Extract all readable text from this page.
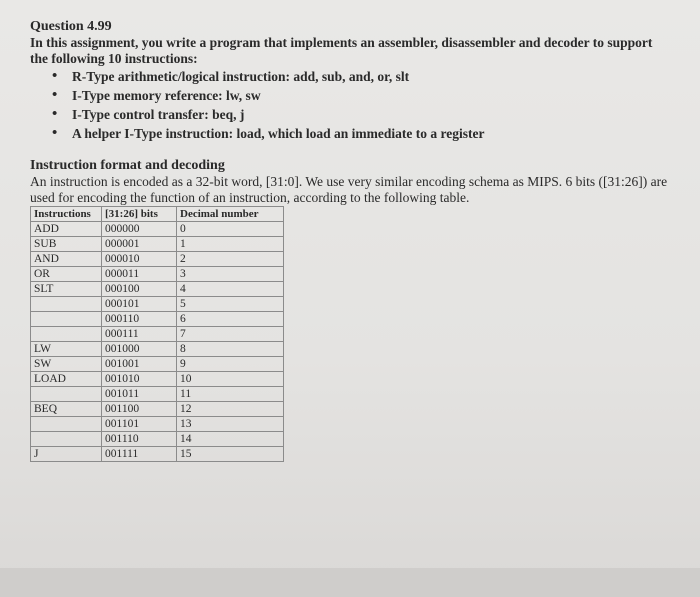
Question 4.99

In this assignment, you write a program that implements an assembler, disassembler and decoder to support the following 10 instructions:

• R-Type arithmetic/logical instruction: add, sub, and, or, slt
• I-Type memory reference: lw, sw
• I-Type control transfer: beq, j
• A helper I-Type instruction: load, which load an immediate to a register
Instruction format and decoding

An instruction is encoded as a 32-bit word, [31:0]. We use very similar encoding schema as MIPS. 6 bits ([31:26]) are used for encoding the function of an instruction, according to the following table.

Instructions	[31:26] bits	Decimal number
ADD	000000	0
SUB	000001	1
AND	000010	2
OR	000011	3
SLT	000100	4
	000101	5
	000110	6
	000111	7
LW	001000	8
SW	001001	9
LOAD	001010	10
	001011	11
BEQ	001100	12
	001101	13
	001110	14
J	001111	15
